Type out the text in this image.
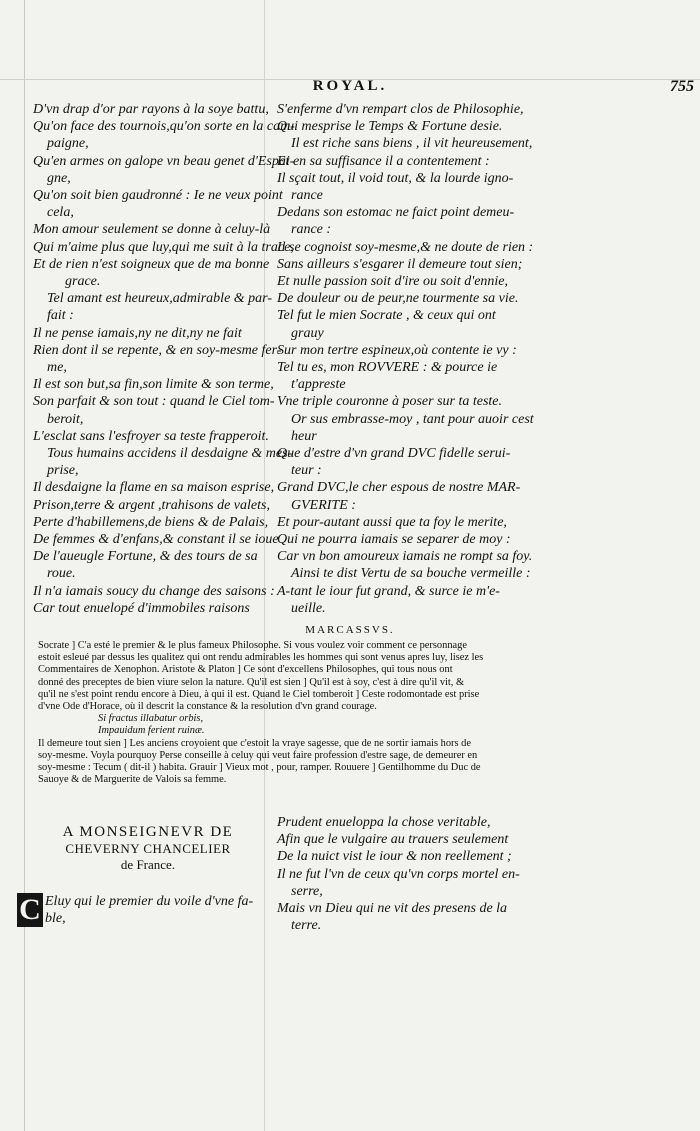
ROYAL.	755
D'vn drap d'or par rayons à la soye battu,
Qu'on face des tournois,qu'on sorte en la cam-
paigne,
Qu'en armes on galope vn beau genet d'Espai-
gne,
Qu'on soit bien gaudronné : Ie ne veux point
cela,
Mon amour seulement se donne à celuy-là
Qui m'aime plus que luy,qui me suit à la trace,
Et de rien n'est soigneux que de ma bonne
grace.
Tel amant est heureux,admirable & par-
fait :
Il ne pense iamais,ny ne dit,ny ne fait
Rien dont il se repente, & en soy-mesme fer-
me,
Il est son but,sa fin,son limite & son terme,
Son parfait & son tout : quand le Ciel tom-
beroit,
L'esclat sans l'esfroyer sa teste frapperoit.
Tous humains accidens il desdaigne & mes-
prise,
Il desdaigne la flame en sa maison esprise,
Prison,terre & argent ,trahisons de valets,
Perte d'habillemens,de biens & de Palais,
De femmes & d'enfans,& constant il se ioue
De l'aueugle Fortune, & des tours de sa
roue.
Il n'a iamais soucy du change des saisons :
Car tout enuelopé d'immobiles raisons
S'enferme d'vn rempart clos de Philosophie,
Qui mesprise le Temps & Fortune desie.
Il est riche sans biens , il vit heureusement,
Et en sa suffisance il a contentement :
Il sçait tout, il void tout, & la lourde igno-
rance
Dedans son estomac ne faict point demeu-
rance :
Il se cognoist soy-mesme,& ne doute de rien :
Sans ailleurs s'esgarer il demeure tout sien;
Et nulle passion soit d'ire ou soit d'ennie,
De douleur ou de peur,ne tourmente sa vie.
Tel fut le mien Socrate , & ceux qui ont
grauy
Sur mon tertre espineux,où contente ie vy :
Tel tu es, mon ROVVERE : & pource ie
t'appreste
Vne triple couronne à poser sur ta teste.
Or sus embrasse-moy , tant pour auoir cest
heur
Que d'estre d'vn grand DVC fidelle serui-
teur :
Grand DVC,le cher espous de nostre MAR-
GVERITE :
Et pour-autant aussi que ta foy le merite,
Qui ne pourra iamais se separer de moy :
Car vn bon amoureux iamais ne rompt sa foy.
Ainsi te dist Vertu de sa bouche vermeille :
A-tant le iour fut grand, & surce ie m'e-
ueille.
MARCASSVS.
Socrate ] C'a esté le premier & le plus fameux Philosophe. Si vous voulez voir comment ce personnage
estoit esleué par dessus les qualitez qui ont rendu admirables les hommes qui sont venus apres luy, lisez les
Commentaires de Xenophon. Aristote & Platon ] Ce sont d'excellens Philosophes, qui tous nous ont
donné des preceptes de bien viure selon la nature. Qu'il est sien ] Qu'il est à soy, c'est à dire qu'il vit, &
qu'il ne s'est point rendu encore à Dieu, à qui il est. Quand le Ciel tomberoit ] Ceste rodomontade est prise
d'vne Ode d'Horace, où il descrit la constance & la resolution d'vn grand courage.
Si fractus illabatur orbis,
Impauidum ferient ruinæ.
Il demeure tout sien ] Les anciens croyoient que c'estoit la vraye sagesse, que de ne sortir iamais hors de
soy-mesme. Voyla pourquoy Perse conseille à celuy qui veut faire profession d'estre sage, de demeurer en
soy-mesme : Tecum ( dit-il ) habita. Grauir ] Vieux mot , pour, ramper. Rouuere ] Gentilhomme du Duc de
Sauoye & de Marguerite de Valois sa femme.
A MONSEIGNEVR DE
CHEVERNY CHANCELIER
de France.
C Eluy qui le premier du voile d'vne fa-
ble,
Prudent enueloppa la chose veritable,
Afin que le vulgaire au trauers seulement
De la nuict vist le iour & non reellement ;
Il ne fut l'vn de ceux qu'vn corps mortel en-
serre,
Mais vn Dieu qui ne vit des presens de la
terre.
